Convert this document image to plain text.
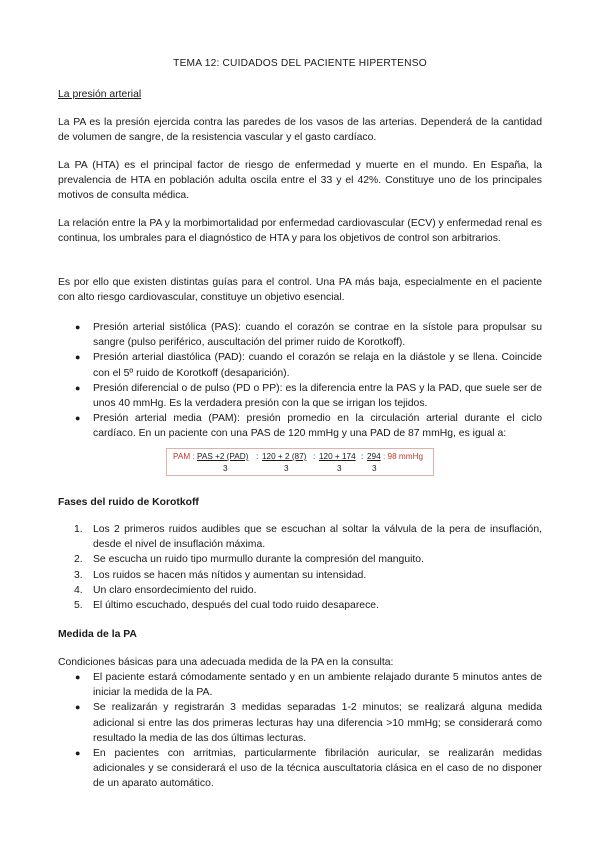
TEMA 12: CUIDADOS DEL PACIENTE HIPERTENSO

La presión arterial

La PA es la presión ejercida contra las paredes de los vasos de las arterias. Dependerá de la cantidad de volumen de sangre, de la resistencia vascular y el gasto cardíaco.

La PA (HTA) es el principal factor de riesgo de enfermedad y muerte en el mundo. En España, la prevalencia de HTA en población adulta oscila entre el 33 y el 42%. Constituye uno de los principales motivos de consulta médica.

La relación entre la PA y la morbimortalidad por enfermedad cardiovascular (ECV) y enfermedad renal es continua, los umbrales para el diagnóstico de HTA y para los objetivos de control son arbitrarios.

Es por ello que existen distintas guías para el control. Una PA más baja, especialmente en el paciente con alto riesgo cardiovascular, constituye un objetivo esencial.

● Presión arterial sistólica (PAS): cuando el corazón se contrae en la sístole para propulsar su sangre (pulso periférico, auscultación del primer ruido de Korotkoff).
● Presión arterial diastólica (PAD): cuando el corazón se relaja en la diástole y se llena. Coincide con el 5º ruido de Korotkoff (desaparición).
● Presión diferencial o de pulso (PD o PP): es la diferencia entre la PAS y la PAD, que suele ser de unos 40 mmHg. Es la verdadera presión con la que se irrigan los tejidos.
● Presión arterial media (PAM): presión promedio en la circulación arterial durante el ciclo cardíaco. En un paciente con una PAS de 120 mmHg y una PAD de 87 mmHg, es igual a:
PAM : PAS +2 (PAD)
3
: 120 + 2 (87)
3
: 120 + 174
3
: 294
3
: 98 mmHg

Fases del ruido de Korotkoff

1. Los 2 primeros ruidos audibles que se escuchan al soltar la válvula de la pera de insuflación, desde el nivel de insuflación máxima.
2. Se escucha un ruido tipo murmullo durante la compresión del manguito.
3. Los ruidos se hacen más nítidos y aumentan su intensidad.
4. Un claro ensordecimiento del ruido.
5. El último escuchado, después del cual todo ruido desaparece.

Medida de la PA

Condiciones básicas para una adecuada medida de la PA en la consulta:

● El paciente estará cómodamente sentado y en un ambiente relajado durante 5 minutos antes de iniciar la medida de la PA.
● Se realizarán y registrarán 3 medidas separadas 1-2 minutos; se realizará alguna medida adicional si entre las dos primeras lecturas hay una diferencia >10 mmHg; se considerará como resultado la media de las dos últimas lecturas.
● En pacientes con arritmias, particularmente fibrilación auricular, se realizarán medidas adicionales y se considerará el uso de la técnica auscultatoria clásica en el caso de no disponer de un aparato automático.
